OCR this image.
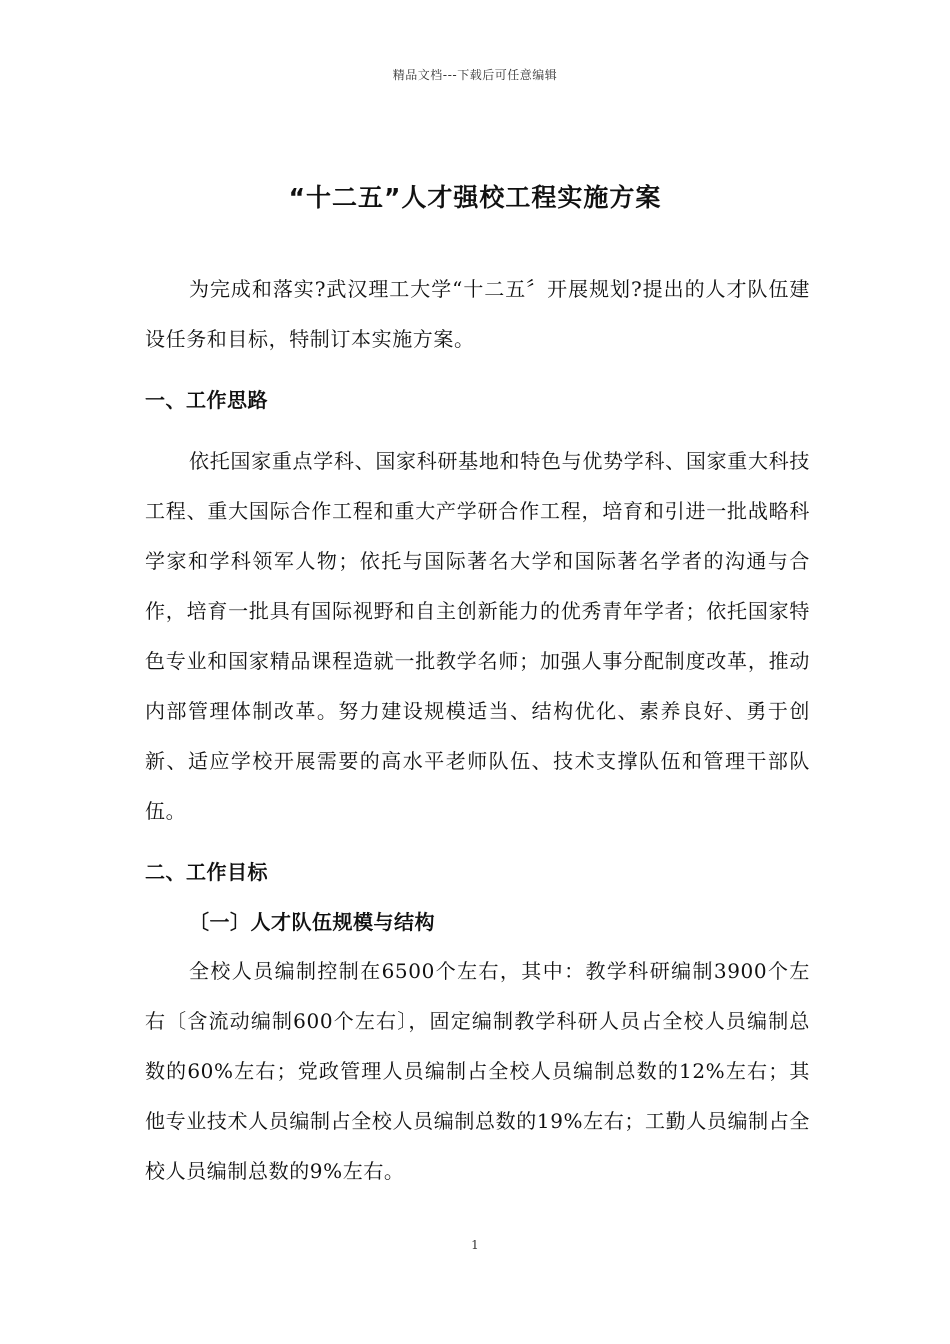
精品文档---下载后可任意编辑
“十二五”人才强校工程实施方案

为完成和落实?武汉理工大学“十二五〞开展规划?提出的人才队伍建设任务和目标，特制订本实施方案。

一、工作思路

依托国家重点学科、国家科研基地和特色与优势学科、国家重大科技工程、重大国际合作工程和重大产学研合作工程，培育和引进一批战略科学家和学科领军人物；依托与国际著名大学和国际著名学者的沟通与合作，培育一批具有国际视野和自主创新能力的优秀青年学者；依托国家特色专业和国家精品课程造就一批教学名师；加强人事分配制度改革，推动内部管理体制改革。努力建设规模适当、结构优化、素养良好、勇于创新、适应学校开展需要的高水平老师队伍、技术支撑队伍和管理干部队伍。

二、工作目标
〔一〕人才队伍规模与结构

全校人员编制控制在6500个左右，其中：教学科研编制3900个左右〔含流动编制600个左右〕，固定编制教学科研人员占全校人员编制总数的60%左右；党政管理人员编制占全校人员编制总数的12%左右；其他专业技术人员编制占全校人员编制总数的19%左右；工勤人员编制占全校人员编制总数的9%左右。

1
